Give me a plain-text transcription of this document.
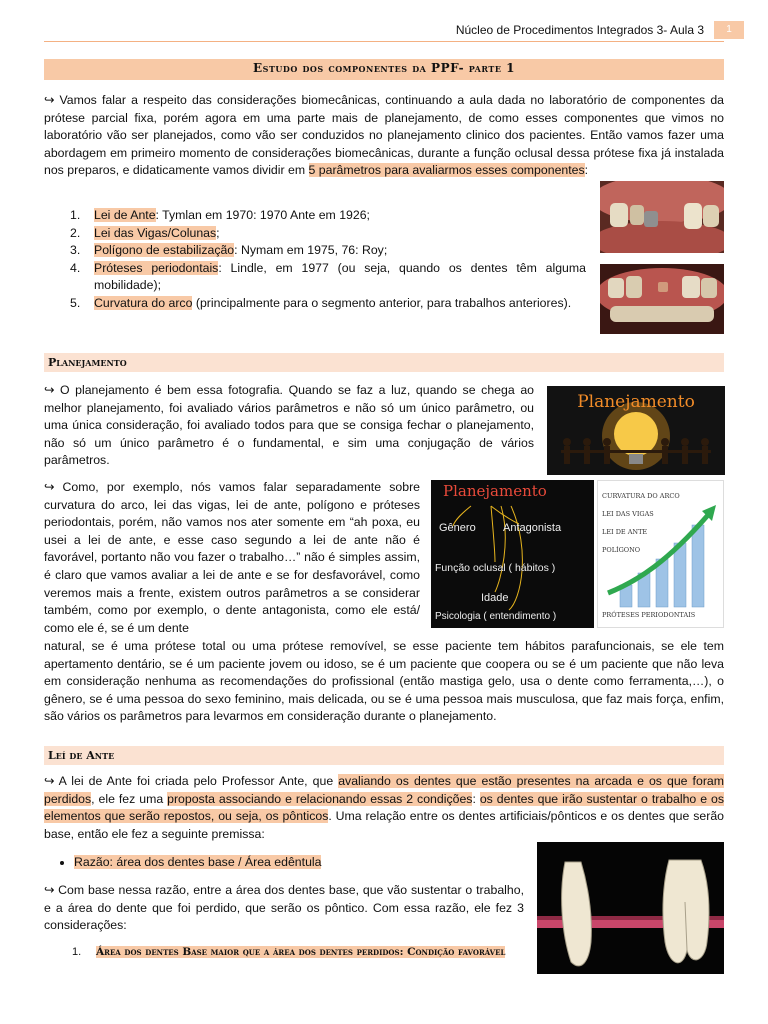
Núcleo de Procedimentos Integrados 3- Aula 3	1
Estudo dos componentes da PPF- parte 1

↪ Vamos falar a respeito das considerações biomecânicas, continuando a aula dada no laboratório de componentes da prótese parcial fixa, porém agora em uma parte mais de planejamento, de como esses componentes que vimos no laboratório vão ser planejados, como vão ser conduzidos no planejamento clinico dos pacientes. Então vamos fazer uma abordagem em primeiro momento de considerações biomecânicas, durante a função oclusal dessa prótese fixa já instalada nos preparos, e didaticamente vamos dividir em 5 parâmetros para avaliarmos esses componentes:

1.	Lei de Ante: Tymlan em 1970: 1970 Ante em 1926;
2.	Lei das Vigas/Colunas;
3.	Polígono de estabilização: Nymam em 1975, 76: Roy;
4.	Próteses periodontais: Lindle, em 1977 (ou seja, quando os dentes têm alguma mobilidade);
5.	Curvatura do arco (principalmente para o segmento anterior, para trabalhos anteriores).
Planejamento

↪ O planejamento é bem essa fotografia. Quando se faz a luz, quando se chega ao melhor planejamento, foi avaliado vários parâmetros e não só um único parâmetro, ou uma única consideração, foi avaliado todos para que se consiga fechar o planejamento, não só um único parâmetro é o fundamental, e sim uma conjugação de vários parâmetros.

Planejamento

↪ Como, por exemplo, nós vamos falar separadamente sobre curvatura do arco, lei das vigas, lei de ante, polígono e próteses periodontais, porém, não vamos nos ater somente em “ah poxa, eu usei a lei de ante, e esse caso segundo a lei de ante não é favorável, portanto não vou fazer o trabalho…” não é simples assim, é claro que vamos avaliar a lei de ante e se for desfavorável, como veremos mais a frente, existem outros parâmetros a se considerar também, como por exemplo, o dente antagonista, como ele está/ como ele é, se é um dente

Planejamento
Gênero Antagonista
Função oclusal ( hábitos )
Idade
Psicologia ( entendimento )
CURVATURA DO ARCO
LEI DAS VIGAS
LEI DE ANTE
POLÍGONO
PRÓTESES PERIODONTAIS

natural, se é uma prótese total ou uma prótese removível, se esse paciente tem hábitos parafuncionais, se ele tem apertamento dentário, se é um paciente jovem ou idoso, se é um paciente que coopera ou se é um paciente que não leva em consideração nenhuma as recomendações do profissional (então mastiga gelo, usa o dente como ferramenta,…), o gênero, se é uma pessoa do sexo feminino, mais delicada, ou se é uma pessoa mais musculosa, que faz mais força, enfim, são vários os parâmetros para levarmos em consideração durante o planejamento.

Leí de Ante

↪ A lei de Ante foi criada pelo Professor Ante, que avaliando os dentes que estão presentes na arcada e os que foram perdidos, ele fez uma proposta associando e relacionando essas 2 condições: os dentes que irão sustentar o trabalho e os elementos que serão repostos, ou seja, os pônticos. Uma relação entre os dentes artificiais/pônticos e os dentes que serão base, então ele fez a seguinte premissa:

• Razão: área dos dentes base / Área edêntula

↪ Com base nessa razão, entre a área dos dentes base, que vão sustentar o trabalho, e a área do dente que foi perdido, que serão os pôntico. Com essa razão, ele fez 3 considerações:

1. Área dos dentes Base maior que a área dos dentes perdidos: Condição favorável
